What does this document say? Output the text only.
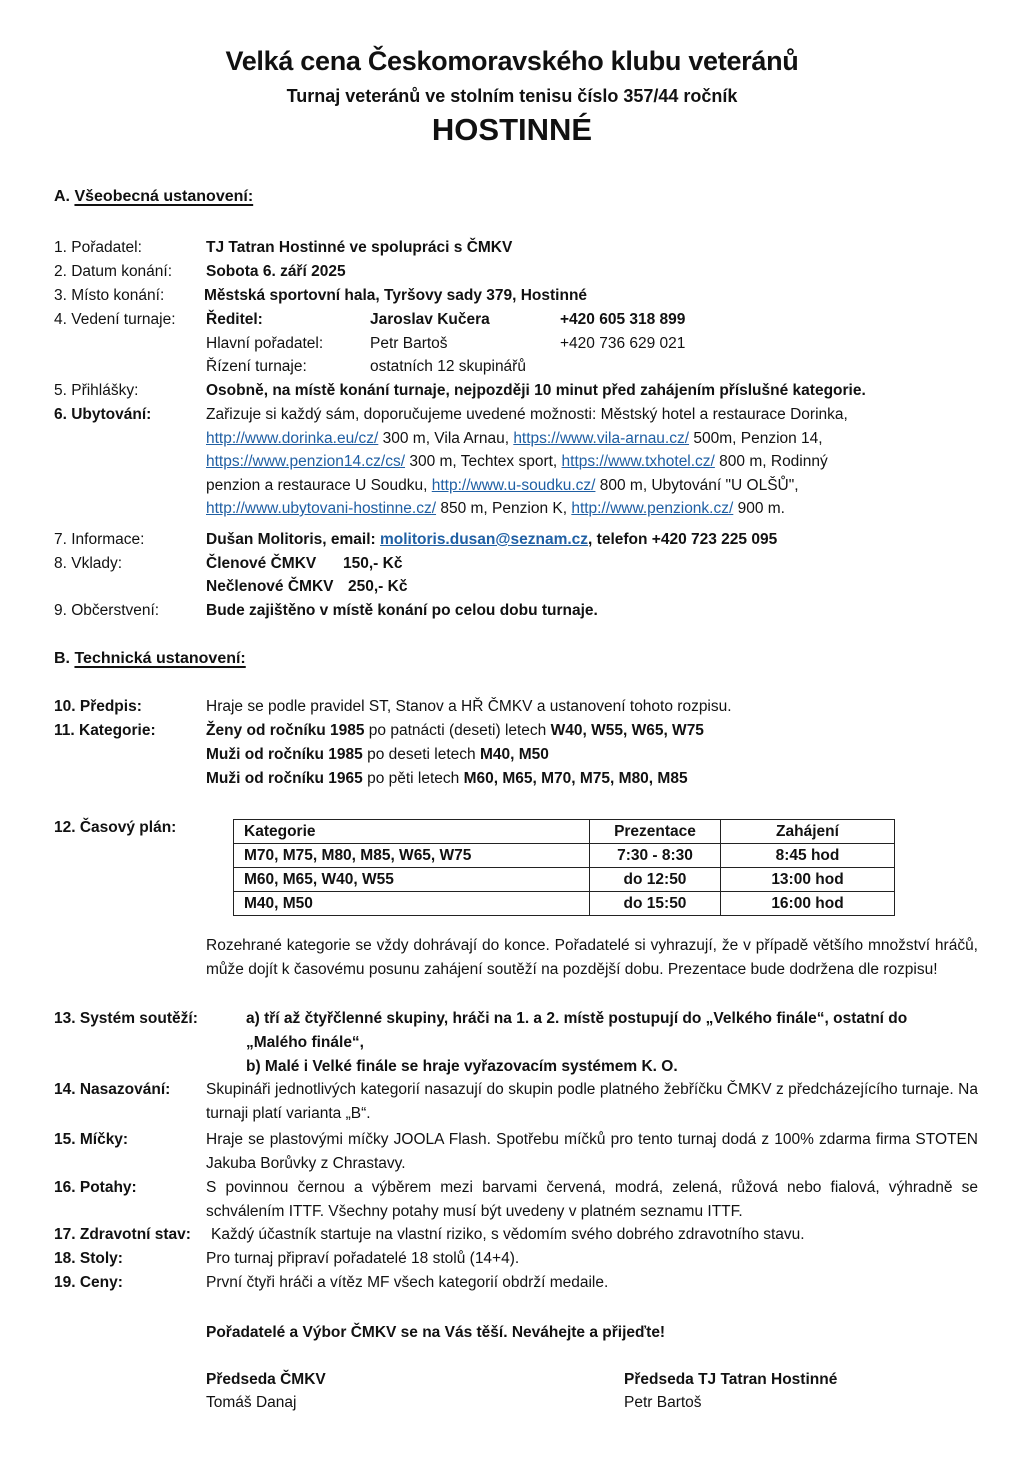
Velká cena Českomoravského klubu veteránů
Turnaj veteránů ve stolním tenisu číslo 357/44 ročník
HOSTINNÉ
A. Všeobecná ustanovení:
1. Pořadatel:	TJ Tatran Hostinné ve spolupráci s ČMKV
2. Datum konání: Sobota 6. září 2025
3. Místo konání:	Městská sportovní hala, Tyršovy sady 379, Hostinné
4. Vedení turnaje: Ředitel:	Jaroslav Kučera	+420 605 318 899
Hlavní pořadatel:	Petr Bartoš	+420 736 629 021
Řízení turnaje:	ostatních 12 skupinářů
5. Přihlášky:	Osobně, na místě konání turnaje, nejpozději 10 minut před zahájením příslušné kategorie.
6. Ubytování:	Zařizuje si každý sám, doporučujeme uvedené možnosti: Městský hotel a restaurace Dorinka,
http://www.dorinka.eu/cz/ 300 m, Vila Arnau, https://www.vila-arnau.cz/ 500m, Penzion 14,
https://www.penzion14.cz/cs/ 300 m, Techtex sport, https://www.txhotel.cz/ 800 m, Rodinný
penzion a restaurace U Soudku, http://www.u-soudku.cz/ 800 m, Ubytování "U OLŠŮ",
http://www.ubytovani-hostinne.cz/ 850 m, Penzion K, http://www.penzionk.cz/ 900 m.
7. Informace:	Dušan Molitoris, email: molitoris.dusan@seznam.cz, telefon +420 723 225 095
8. Vklady:	Členové ČMKV 150,- Kč
Nečlenové ČMKV 250,- Kč
9. Občerstvení:	Bude zajištěno v místě konání po celou dobu turnaje.
B. Technická ustanovení:
10. Předpis:	Hraje se podle pravidel ST, Stanov a HŘ ČMKV a ustanovení tohoto rozpisu.
11. Kategorie:	Ženy od ročníku 1985 po patnácti (deseti) letech W40, W55, W65, W75
Muži od ročníku 1985 po deseti letech M40, M50
Muži od ročníku 1965 po pěti letech M60, M65, M70, M75, M80, M85
12. Časový plán:	Kategorie	Prezentace	Zahájení
M70, M75, M80, M85, W65, W75	7:30 - 8:30	8:45 hod
M60, M65, W40, W55	do 12:50	13:00 hod
M40, M50	do 15:50	16:00 hod
Rozehrané kategorie se vždy dohrávají do konce. Pořadatelé si vyhrazují, že v případě většího množství hráčů, může dojít k časovému posunu zahájení soutěží na pozdější dobu. Prezentace bude dodržena dle rozpisu!
13. Systém soutěží:	a) tří až čtyřčlenné skupiny, hráči na 1. a 2. místě postupují do „Velkého finále“, ostatní do
„Malého finále“,
b) Malé i Velké finále se hraje vyřazovacím systémem K. O.
14. Nasazování: Skupináři jednotlivých kategorií nasazují do skupin podle platného žebříčku ČMKV z předcházejícího turnaje. Na turnaji platí varianta „B“.
15. Míčky:	Hraje se plastovými míčky JOOLA Flash. Spotřebu míčků pro tento turnaj dodá z 100% zdarma firma STOTEN Jakuba Borůvky z Chrastavy.
16. Potahy:	S povinnou černou a výběrem mezi barvami červená, modrá, zelená, růžová nebo fialová, výhradně se schválením ITTF. Všechny potahy musí být uvedeny v platném seznamu ITTF.
17. Zdravotní stav: Každý účastník startuje na vlastní riziko, s vědomím svého dobrého zdravotního stavu.
18. Stoly:	Pro turnaj připraví pořadatelé 18 stolů (14+4).
19. Ceny:	První čtyři hráči a vítěz MF všech kategorií obdrží medaile.
Pořadatelé a Výbor ČMKV se na Vás těší. Neváhejte a přijeďte!
Předseda ČMKV
Tomáš Danaj
Předseda TJ Tatran Hostinné
Petr Bartoš
